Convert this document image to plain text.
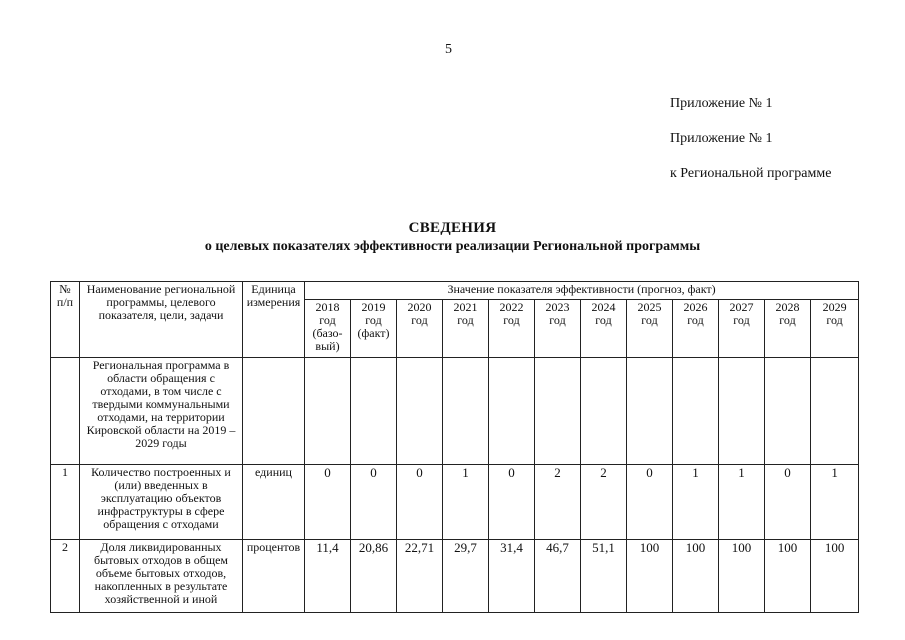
5
Приложение № 1
Приложение № 1
к Региональной программе
СВЕДЕНИЯ
о целевых показателях эффективности реализации Региональной программы
№ п/п	Наименование региональной программы, целевого показателя, цели, задачи	Единица измерения	Значение показателя эффективности (прогноз, факт)											
			2018 год (базо-вый)	2019 год (факт)	2020 год	2021 год	2022 год	2023 год	2024 год	2025 год	2026 год	2027 год	2028 год	2029 год
	Региональная программа в области обращения с отходами, в том числе с твердыми коммунальными отходами, на территории Кировской области на 2019 – 2029 годы													
1	Количество построенных и (или) введенных в эксплуатацию объектов инфраструктуры в сфере обращения с отходами	единиц	0	0	0	1	0	2	2	0	1	1	0	1
2	Доля ликвидированных бытовых отходов в общем объеме бытовых отходов, накопленных в результате хозяйственной и иной	процентов	11,4	20,86	22,71	29,7	31,4	46,7	51,1	100	100	100	100	100
